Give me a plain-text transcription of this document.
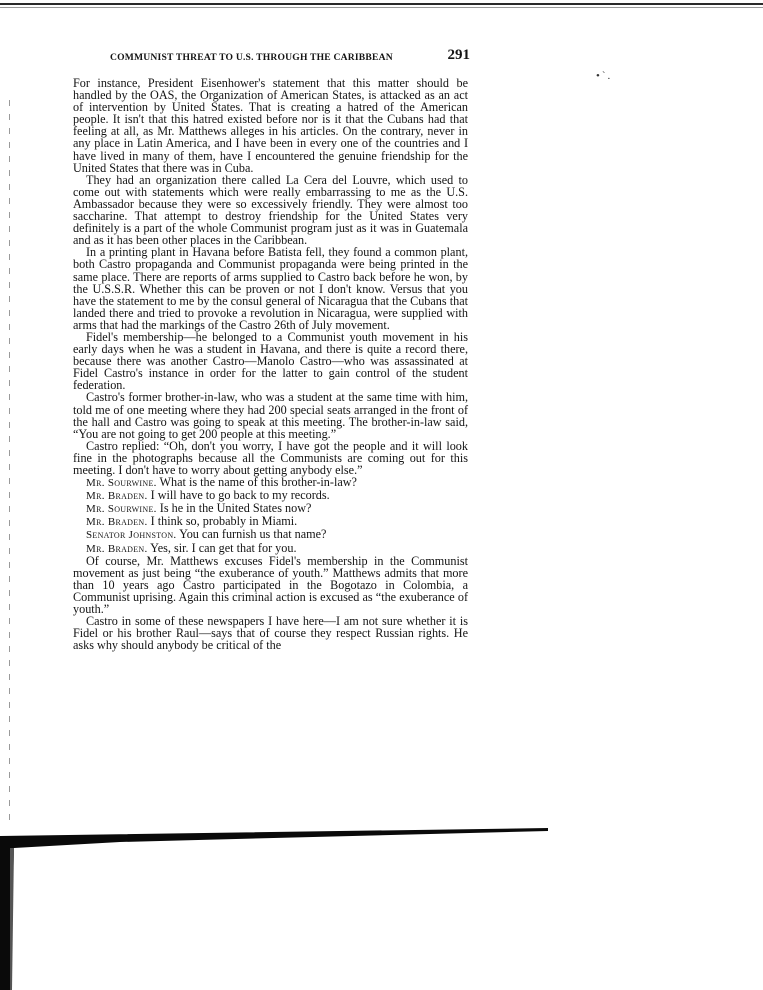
•ˋ.
COMMUNIST THREAT TO U.S. THROUGH THE CARIBBEAN	291

For instance, President Eisenhower's statement that this matter should be handled by the OAS, the Organization of American States, is attacked as an act of intervention by United States. That is creating a hatred of the American people. It isn't that this hatred existed before nor is it that the Cubans had that feeling at all, as Mr. Matthews alleges in his articles. On the contrary, never in any place in Latin America, and I have been in every one of the countries and I have lived in many of them, have I encountered the genuine friendship for the United States that there was in Cuba.

They had an organization there called La Cera del Louvre, which used to come out with statements which were really embarrassing to me as the U.S. Ambassador because they were so excessively friendly. They were almost too saccharine. That attempt to destroy friendship for the United States very definitely is a part of the whole Communist program just as it was in Guatemala and as it has been other places in the Caribbean.

In a printing plant in Havana before Batista fell, they found a common plant, both Castro propaganda and Communist propaganda were being printed in the same place. There are reports of arms supplied to Castro back before he won, by the U.S.S.R. Whether this can be proven or not I don't know. Versus that you have the statement to me by the consul general of Nicaragua that the Cubans that landed there and tried to provoke a revolution in Nicaragua, were supplied with arms that had the markings of the Castro 26th of July movement.

Fidel's membership—he belonged to a Communist youth movement in his early days when he was a student in Havana, and there is quite a record there, because there was another Castro—Manolo Castro—who was assassinated at Fidel Castro's instance in order for the latter to gain control of the student federation.

Castro's former brother-in-law, who was a student at the same time with him, told me of one meeting where they had 200 special seats arranged in the front of the hall and Castro was going to speak at this meeting. The brother-in-law said, “You are not going to get 200 people at this meeting.”

Castro replied: “Oh, don't you worry, I have got the people and it will look fine in the photographs because all the Communists are coming out for this meeting. I don't have to worry about getting anybody else.”

Mr. Sourwine. What is the name of this brother-in-law?

Mr. Braden. I will have to go back to my records.

Mr. Sourwine. Is he in the United States now?

Mr. Braden. I think so, probably in Miami.

Senator Johnston. You can furnish us that name?

Mr. Braden. Yes, sir. I can get that for you.

Of course, Mr. Matthews excuses Fidel's membership in the Communist movement as just being “the exuberance of youth.” Matthews admits that more than 10 years ago Castro participated in the Bogotazo in Colombia, a Communist uprising. Again this criminal action is excused as “the exuberance of youth.”

Castro in some of these newspapers I have here—I am not sure whether it is Fidel or his brother Raul—says that of course they respect Russian rights. He asks why should anybody be critical of the
